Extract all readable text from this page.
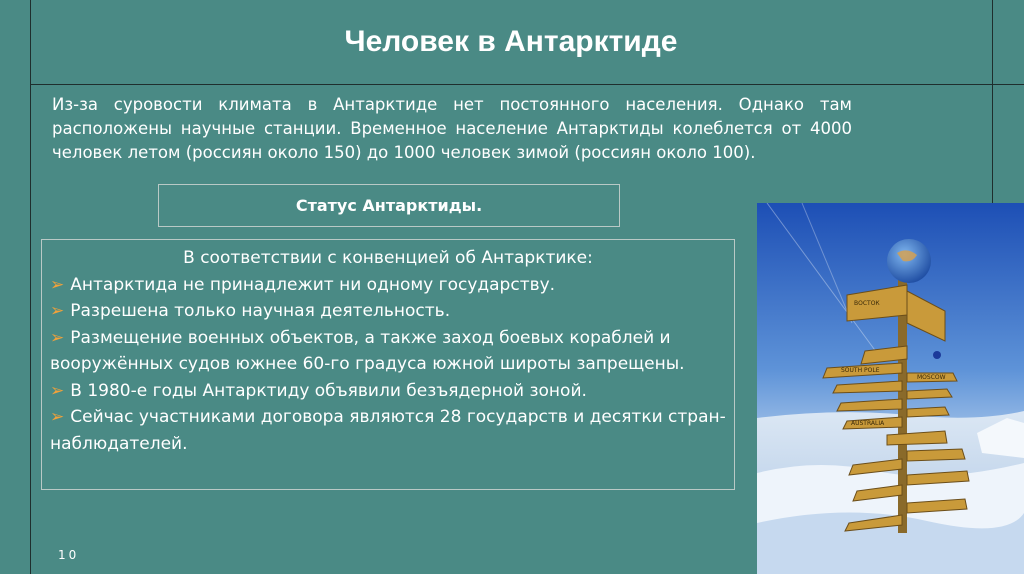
Человек в Антарктиде
Из-за суровости климата в Антарктиде нет постоянного населения. Однако там расположены научные станции. Временное население Антарктиды колеблется от 4000 человек летом (россиян около 150) до 1000 человек зимой (россиян около 100).
Статус Антарктиды.
В соответствии с конвенцией об Антарктике:
➢ Антарктида не принадлежит ни одному государству.
➢ Разрешена только научная деятельность.
➢ Размещение военных объектов, а также заход боевых кораблей и вооружённых судов южнее 60-го градуса южной широты запрещены.
➢ В 1980-е годы Антарктиду объявили безъядерной зоной.
➢ Сейчас участниками договора являются 28 государств и десятки стран-наблюдателей.
10
ВОСТОК
SOUTH POLE
MOSCOW
AUSTRALIA
